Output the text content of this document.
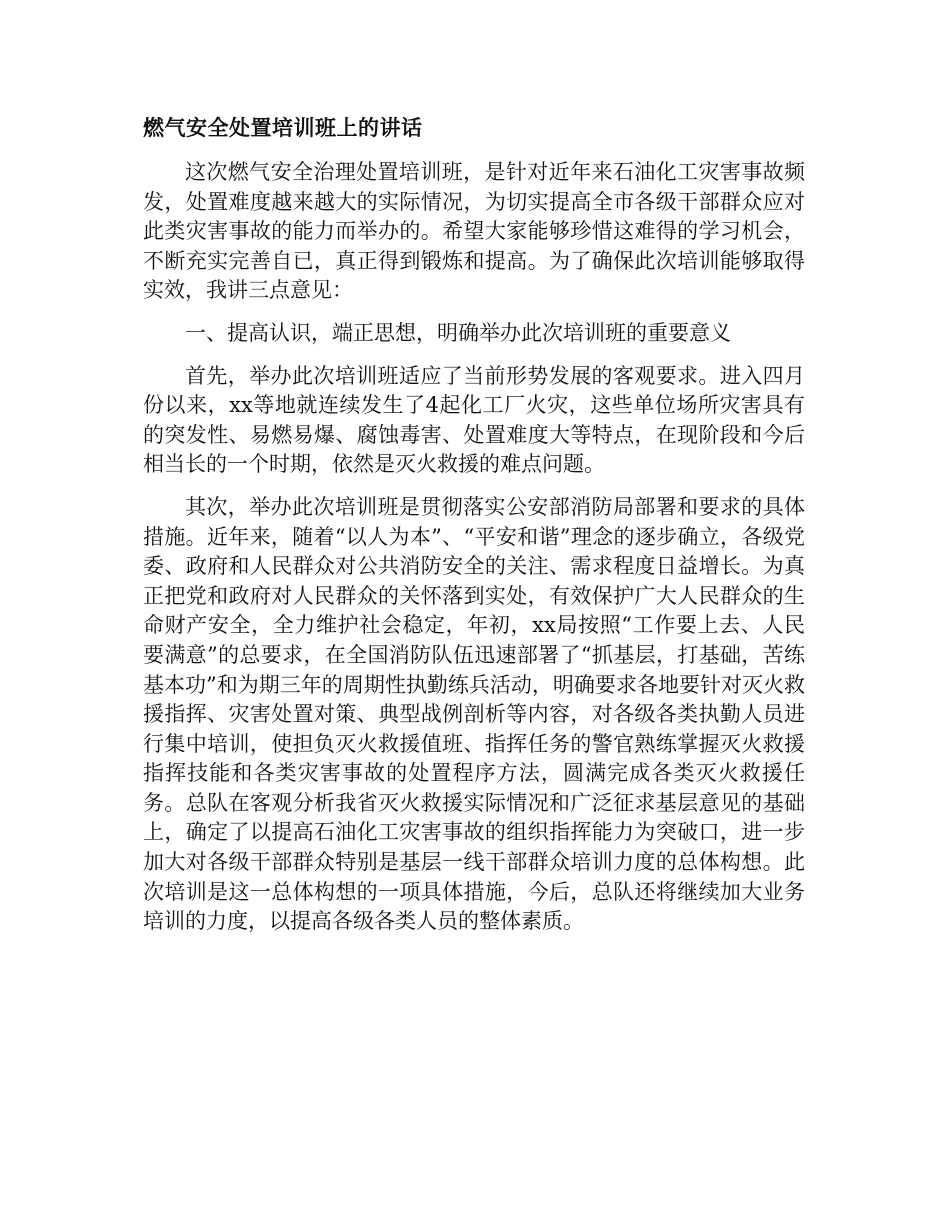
燃气安全处置培训班上的讲话

这次燃气安全治理处置培训班，是针对近年来石油化工灾害事故频发，处置难度越来越大的实际情况，为切实提高全市各级干部群众应对此类灾害事故的能力而举办的。希望大家能够珍惜这难得的学习机会，不断充实完善自已，真正得到锻炼和提高。为了确保此次培训能够取得实效，我讲三点意见：

一、提高认识，端正思想，明确举办此次培训班的重要意义

首先，举办此次培训班适应了当前形势发展的客观要求。进入四月份以来，xx等地就连续发生了4起化工厂火灾，这些单位场所灾害具有的突发性、易燃易爆、腐蚀毒害、处置难度大等特点，在现阶段和今后相当长的一个时期，依然是灭火救援的难点问题。

其次，举办此次培训班是贯彻落实公安部消防局部署和要求的具体措施。近年来，随着“以人为本”、“平安和谐”理念的逐步确立，各级党委、政府和人民群众对公共消防安全的关注、需求程度日益增长。为真正把党和政府对人民群众的关怀落到实处，有效保护广大人民群众的生命财产安全，全力维护社会稳定，年初，xx局按照“工作要上去、人民要满意”的总要求，在全国消防队伍迅速部署了“抓基层，打基础，苦练基本功”和为期三年的周期性执勤练兵活动，明确要求各地要针对灭火救援指挥、灾害处置对策、典型战例剖析等内容，对各级各类执勤人员进行集中培训，使担负灭火救援值班、指挥任务的警官熟练掌握灭火救援指挥技能和各类灾害事故的处置程序方法，圆满完成各类灭火救援任务。总队在客观分析我省灭火救援实际情况和广泛征求基层意见的基础上，确定了以提高石油化工灾害事故的组织指挥能力为突破口，进一步加大对各级干部群众特别是基层一线干部群众培训力度的总体构想。此次培训是这一总体构想的一项具体措施，今后，总队还将继续加大业务培训的力度，以提高各级各类人员的整体素质。
